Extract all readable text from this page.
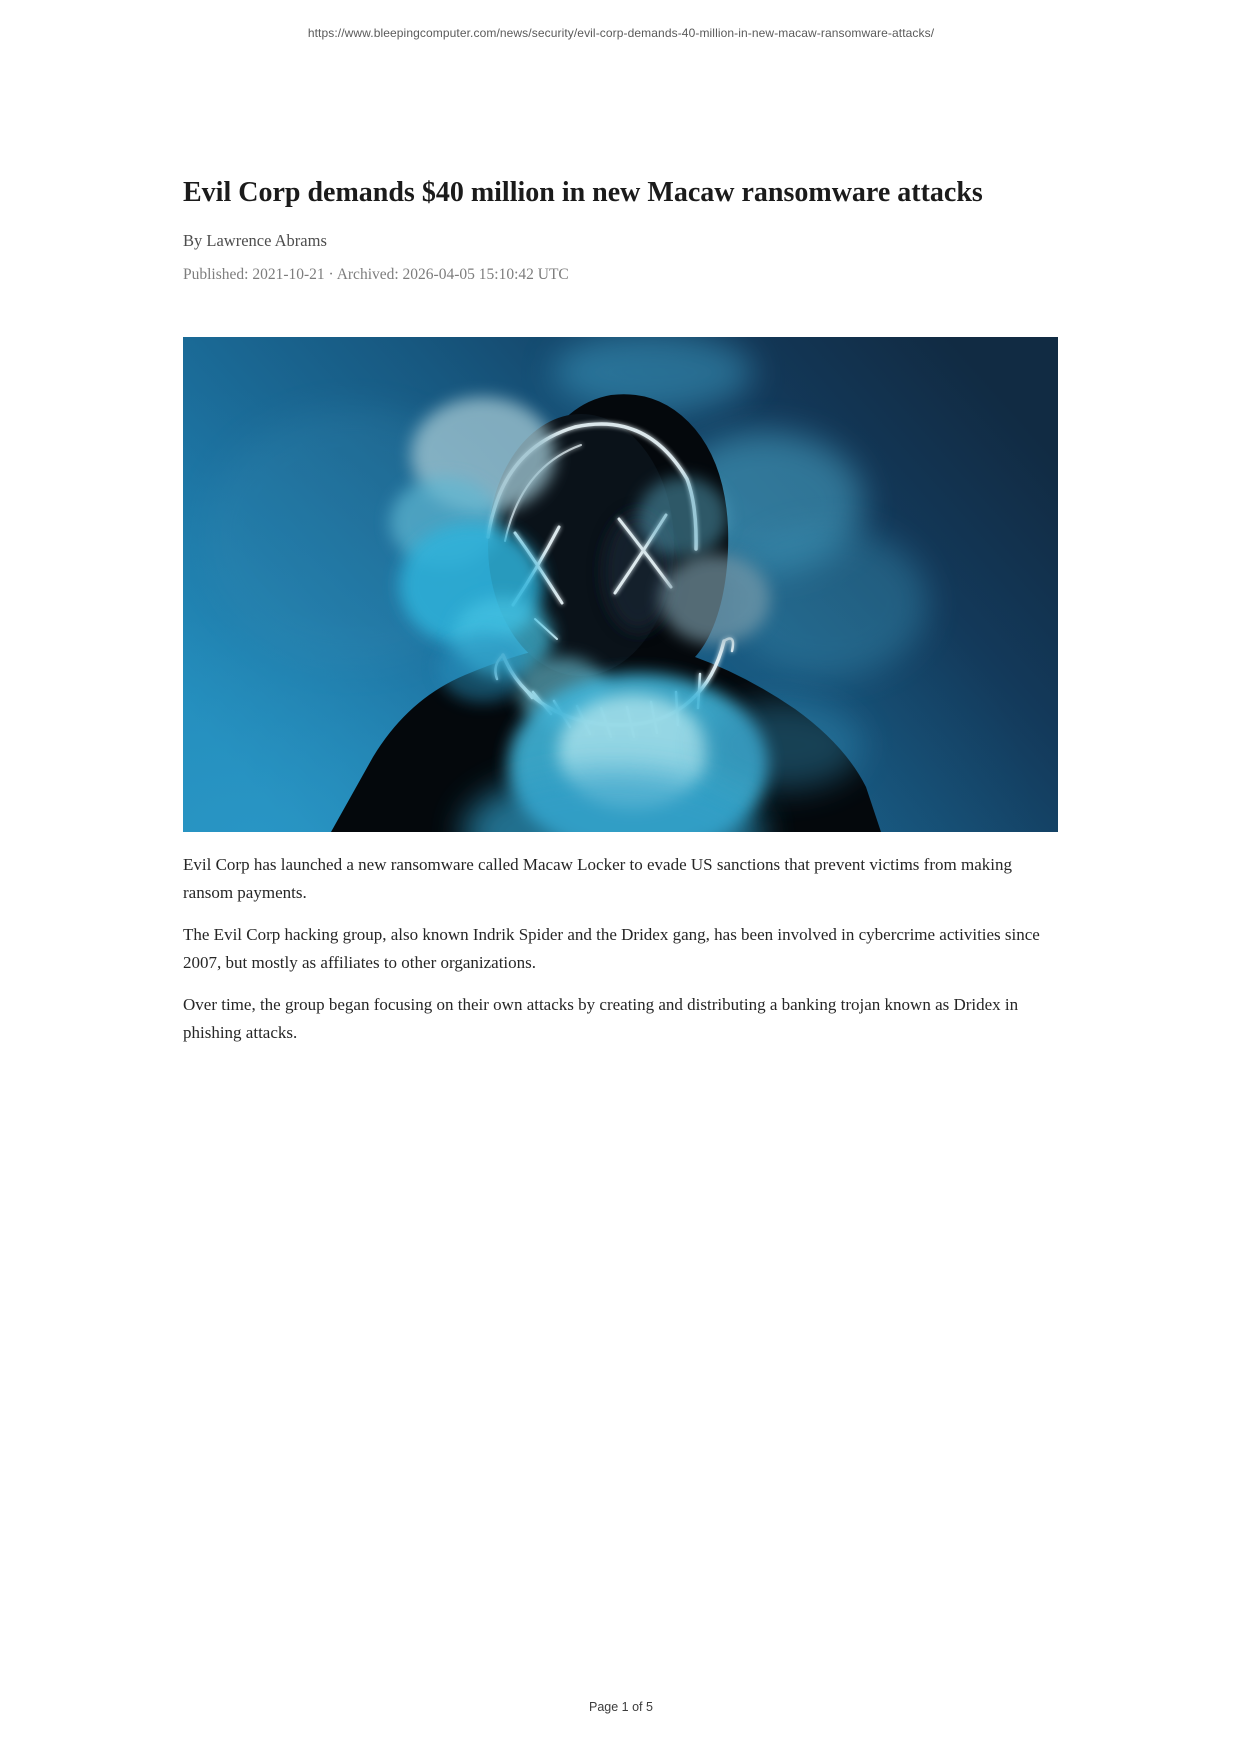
https://www.bleepingcomputer.com/news/security/evil-corp-demands-40-million-in-new-macaw-ransomware-attacks/
Evil Corp demands $40 million in new Macaw ransomware attacks
By Lawrence Abrams
Published: 2021-10-21 · Archived: 2026-04-05 15:10:42 UTC

Evil Corp has launched a new ransomware called Macaw Locker to evade US sanctions that prevent victims from making ransom payments.

The Evil Corp hacking group, also known Indrik Spider and the Dridex gang, has been involved in cybercrime activities since 2007, but mostly as affiliates to other organizations.

Over time, the group began focusing on their own attacks by creating and distributing a banking trojan known as Dridex in phishing attacks.

Page 1 of 5
